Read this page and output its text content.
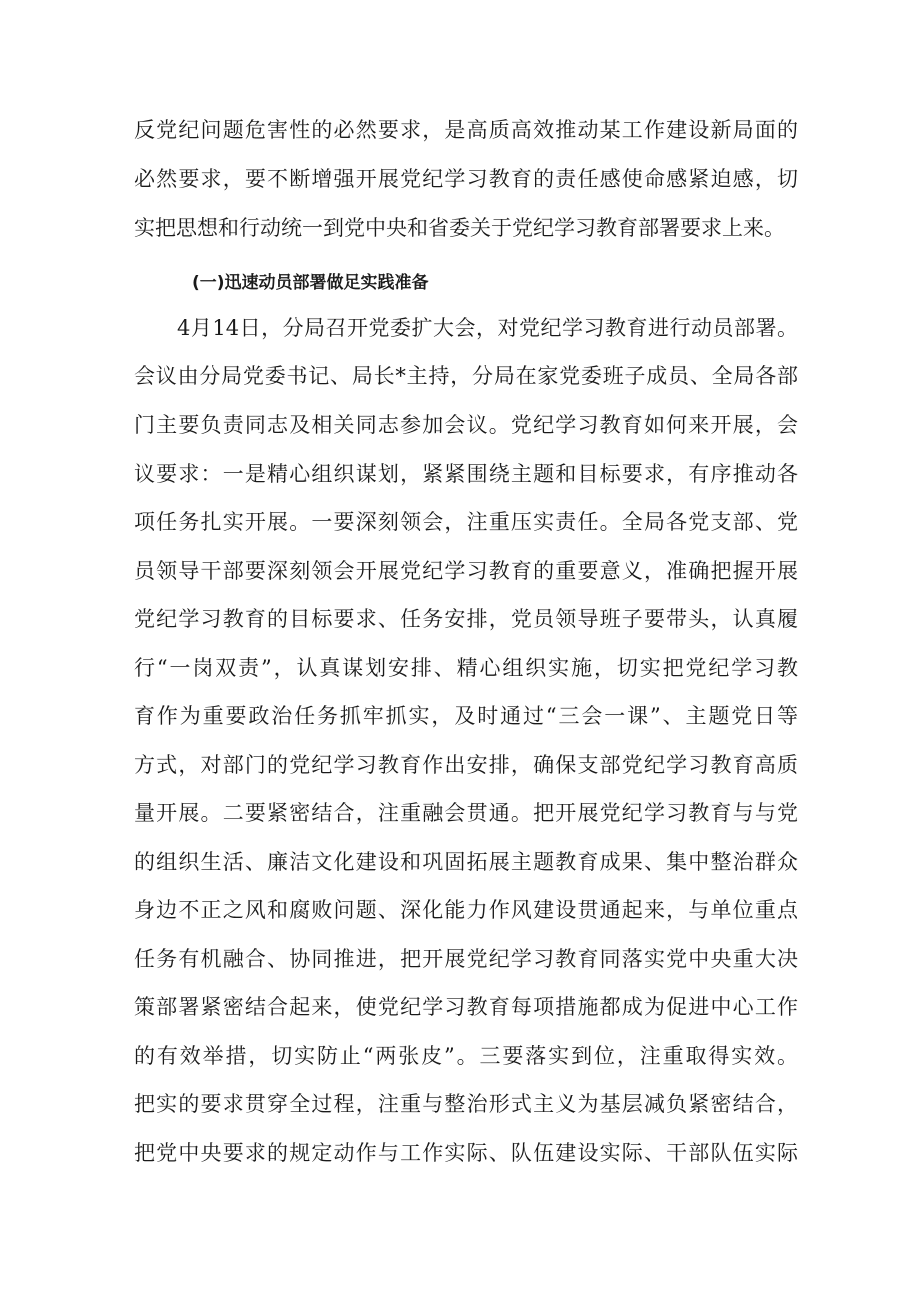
反党纪问题危害性的必然要求，是高质高效推动某工作建设新局面的
必然要求，要不断增强开展党纪学习教育的责任感使命感紧迫感，切
实把思想和行动统一到党中央和省委关于党纪学习教育部署要求上来。
(一)迅速动员部署做足实践准备
4月14日，分局召开党委扩大会，对党纪学习教育进行动员部署。
会议由分局党委书记、局长*主持，分局在家党委班子成员、全局各部
门主要负责同志及相关同志参加会议。党纪学习教育如何来开展，会
议要求：一是精心组织谋划，紧紧围绕主题和目标要求，有序推动各
项任务扎实开展。一要深刻领会，注重压实责任。全局各党支部、党
员领导干部要深刻领会开展党纪学习教育的重要意义，准确把握开展
党纪学习教育的目标要求、任务安排，党员领导班子要带头，认真履
行“一岗双责”，认真谋划安排、精心组织实施，切实把党纪学习教
育作为重要政治任务抓牢抓实，及时通过“三会一课”、主题党日等
方式，对部门的党纪学习教育作出安排，确保支部党纪学习教育高质
量开展。二要紧密结合，注重融会贯通。把开展党纪学习教育与与党
的组织生活、廉洁文化建设和巩固拓展主题教育成果、集中整治群众
身边不正之风和腐败问题、深化能力作风建设贯通起来，与单位重点
任务有机融合、协同推进，把开展党纪学习教育同落实党中央重大决
策部署紧密结合起来，使党纪学习教育每项措施都成为促进中心工作
的有效举措，切实防止“两张皮”。三要落实到位，注重取得实效。
把实的要求贯穿全过程，注重与整治形式主义为基层减负紧密结合，
把党中央要求的规定动作与工作实际、队伍建设实际、干部队伍实际
